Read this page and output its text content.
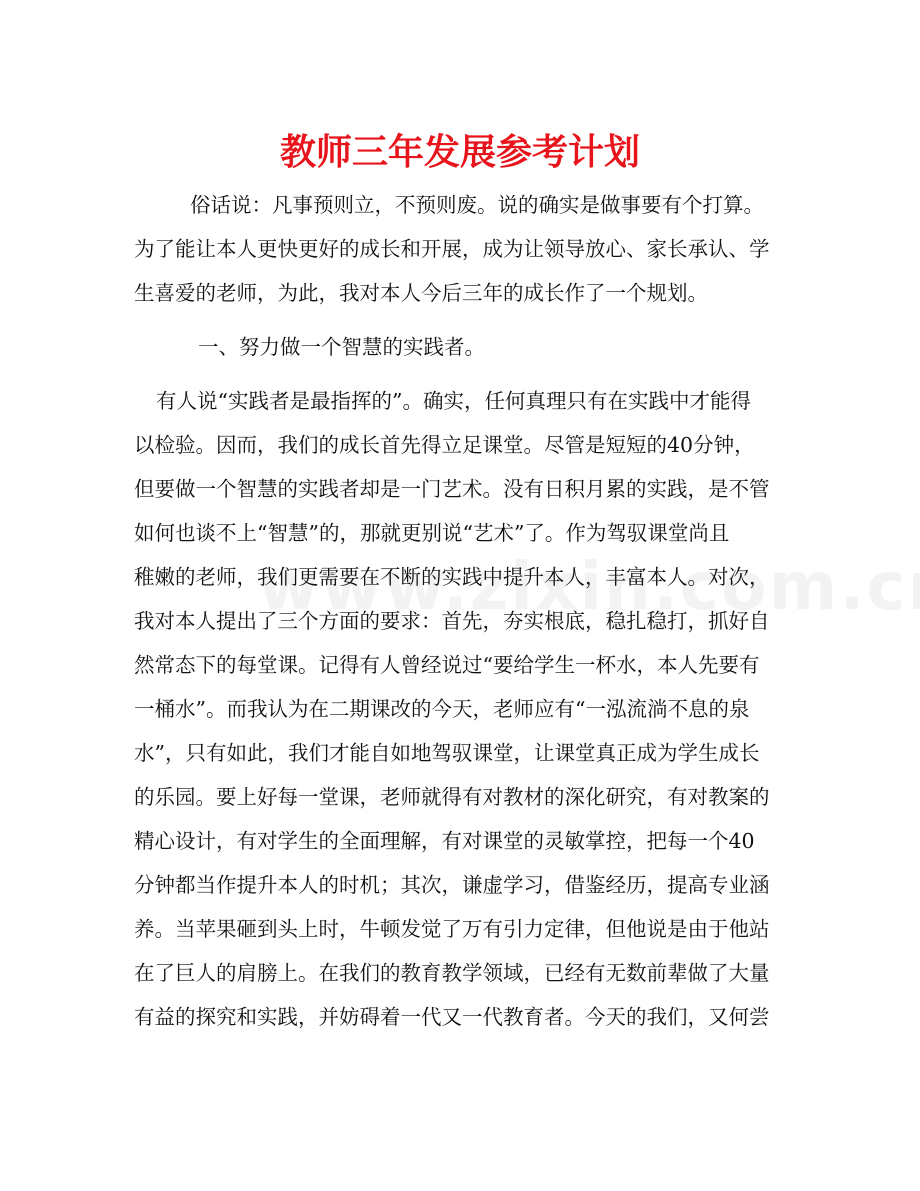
教师三年发展参考计划

俗话说：凡事预则立，不预则废。说的确实是做事要有个打算。

为了能让本人更快更好的成长和开展，成为让领导放心、家长承认、学

生喜爱的老师，为此，我对本人今后三年的成长作了一个规划。

一、努力做一个智慧的实践者。

有人说“实践者是最指挥的”。确实，任何真理只有在实践中才能得

以检验。因而，我们的成长首先得立足课堂。尽管是短短的40分钟，

但要做一个智慧的实践者却是一门艺术。没有日积月累的实践，是不管

如何也谈不上“智慧”的，那就更别说“艺术”了。作为驾驭课堂尚且

稚嫩的老师，我们更需要在不断的实践中提升本人，丰富本人。对次，

我对本人提出了三个方面的要求：首先，夯实根底，稳扎稳打，抓好自

然常态下的每堂课。记得有人曾经说过“要给学生一杯水，本人先要有

一桶水”。而我认为在二期课改的今天，老师应有“一泓流淌不息的泉

水”，只有如此，我们才能自如地驾驭课堂，让课堂真正成为学生成长

的乐园。要上好每一堂课，老师就得有对教材的深化研究，有对教案的

精心设计，有对学生的全面理解，有对课堂的灵敏掌控，把每一个40

分钟都当作提升本人的时机；其次，谦虚学习，借鉴经历，提高专业涵

养。当苹果砸到头上时，牛顿发觉了万有引力定律，但他说是由于他站

在了巨人的肩膀上。在我们的教育教学领域，已经有无数前辈做了大量

有益的探究和实践，并妨碍着一代又一代教育者。今天的我们，又何尝
